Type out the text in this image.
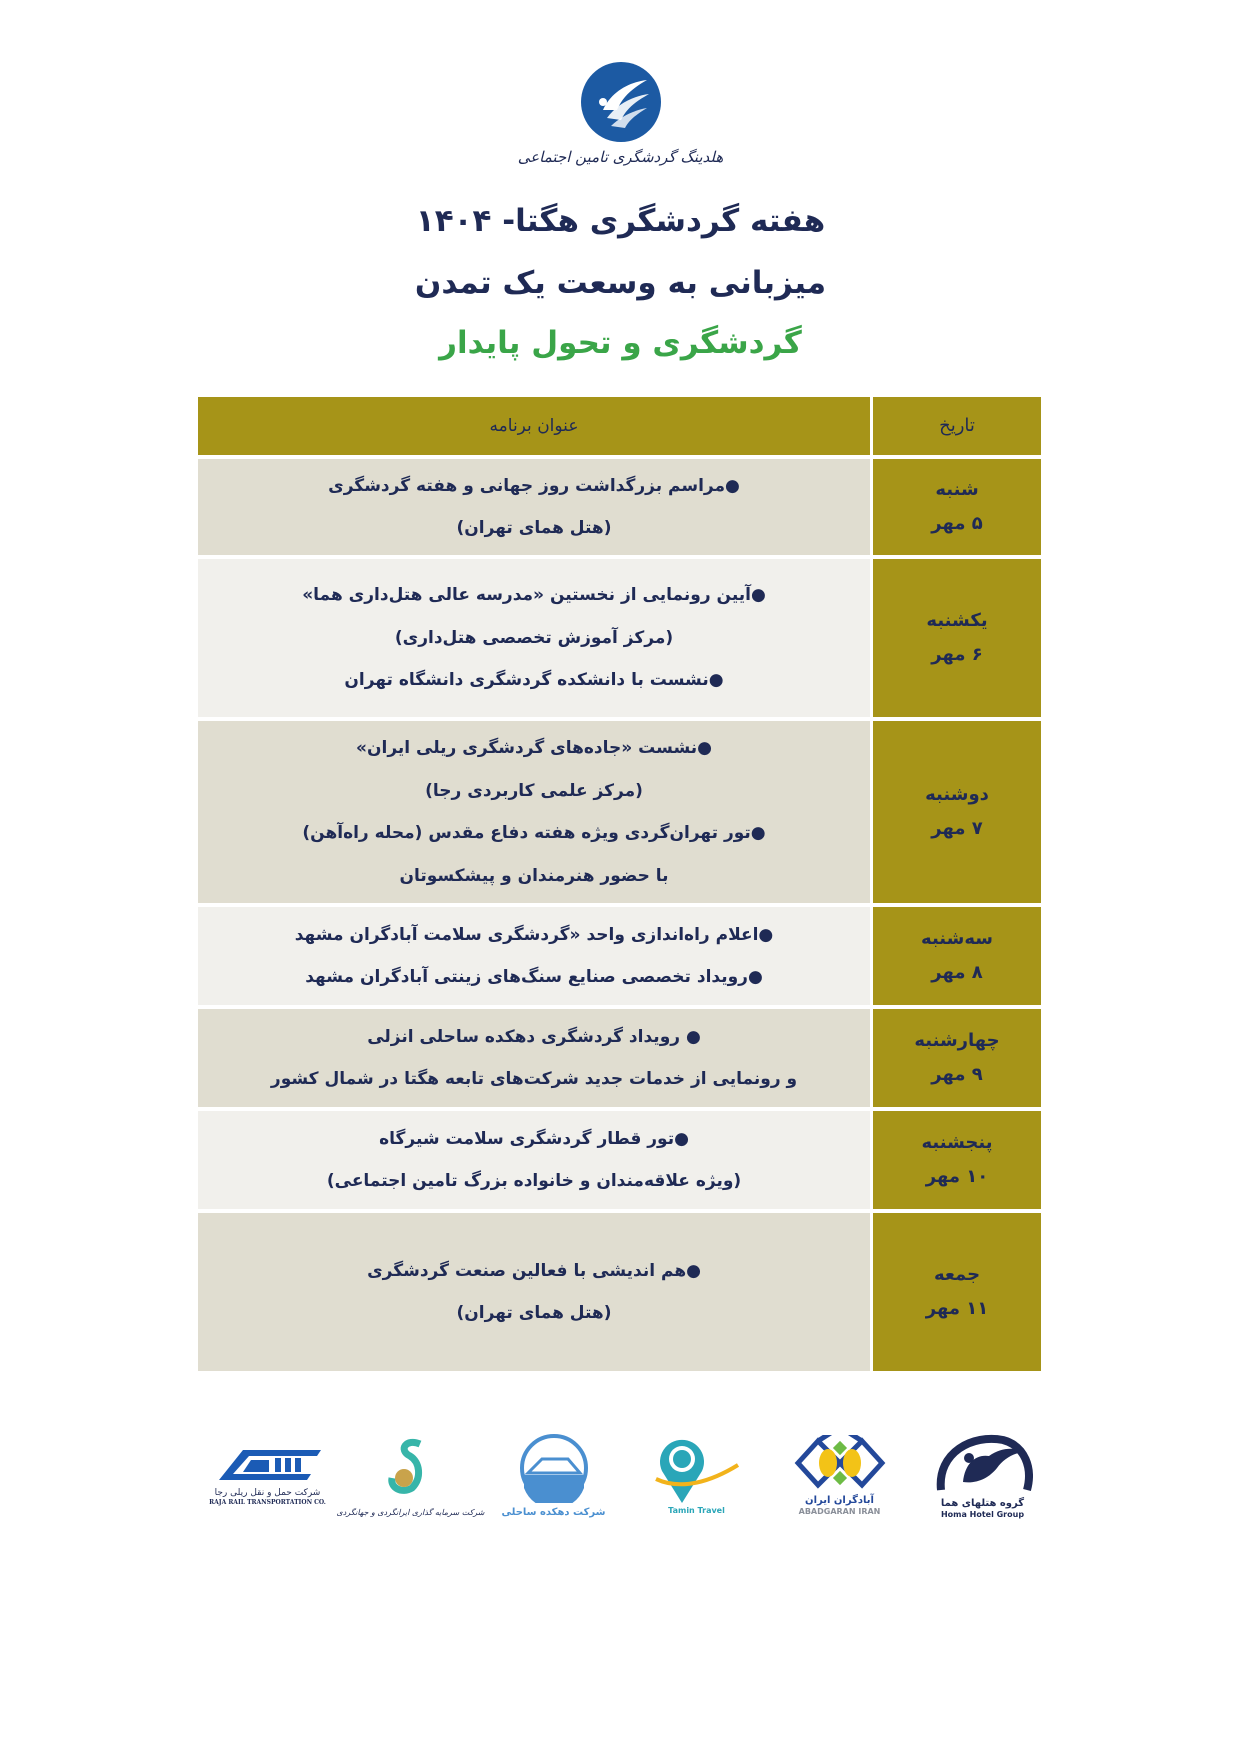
هلدینگ گردشگری تامین اجتماعی
هفته گردشگری هگتا- ۱۴۰۴
میزبانی به وسعت یک تمدن
گردشگری و تحول پایدار
تاریخ
عنوان برنامه
شنبه
۵ مهر
●مراسم بزرگداشت روز جهانی و هفته گردشگری
(هتل همای تهران)
یکشنبه
۶ مهر
●آیین رونمایی از نخستین «مدرسه عالی هتل‌داری هما»
(مرکز آموزش تخصصی هتل‌داری)
●نشست با دانشکده گردشگری دانشگاه تهران
دوشنبه
۷ مهر
●نشست «جاده‌های گردشگری ریلی ایران»
(مرکز علمی کاربردی رجا)
●تور تهران‌گردی ویژه هفته دفاع مقدس (محله راه‌آهن)
با حضور هنرمندان و پیشکسوتان
سه‌شنبه
۸ مهر
●اعلام راه‌اندازی واحد «گردشگری سلامت آبادگران مشهد
●رویداد تخصصی صنایع سنگ‌های زینتی آبادگران مشهد
چهارشنبه
۹ مهر
● رویداد گردشگری دهکده ساحلی انزلی
و رونمایی از خدمات جدید شرکت‌های تابعه هگتا در شمال کشور
پنجشنبه
۱۰ مهر
●تور قطار گردشگری سلامت شیرگاه
(ویژه علاقه‌مندان و خانواده بزرگ تامین اجتماعی)
جمعه
۱۱ مهر
●هم اندیشی با فعالین صنعت گردشگری
(هتل همای تهران)
گروه هتلهای هما
Homa Hotel Group
آبادگران ایران
ABADGARAN IRAN
Tamin Travel
شرکت دهکده ساحلی
شرکت سرمایه گذاری ایرانگردی و جهانگردی
شرکت حمل و نقل ریلی رجا
RAJA RAIL TRANSPORTATION CO.
